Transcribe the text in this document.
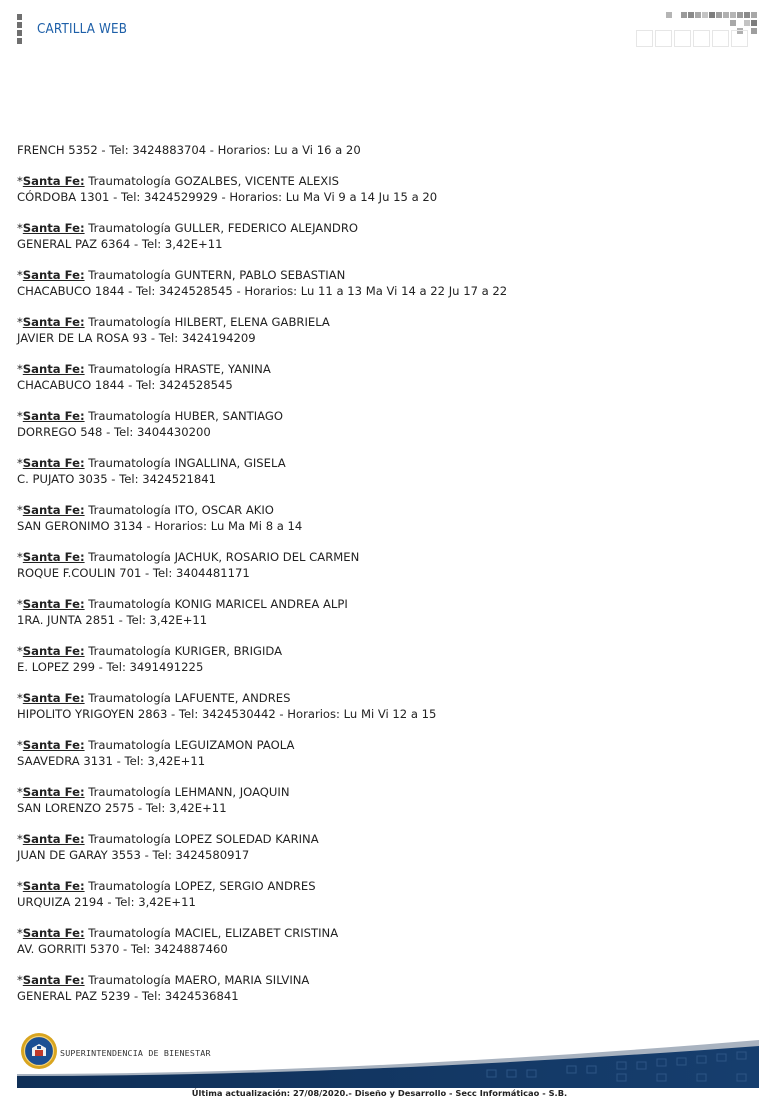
CARTILLA WEB
FRENCH 5352 - Tel: 3424883704 - Horarios: Lu a Vi 16 a 20
*Santa Fe: Traumatología GOZALBES, VICENTE ALEXIS
CÓRDOBA 1301 - Tel: 3424529929 - Horarios: Lu Ma Vi 9 a 14 Ju 15 a 20
*Santa Fe: Traumatología GULLER, FEDERICO ALEJANDRO
GENERAL PAZ 6364 - Tel: 3,42E+11
*Santa Fe: Traumatología GUNTERN, PABLO SEBASTIAN
CHACABUCO 1844 - Tel: 3424528545 - Horarios: Lu 11 a 13 Ma Vi 14 a 22 Ju 17 a 22
*Santa Fe: Traumatología HILBERT, ELENA GABRIELA
JAVIER DE LA ROSA 93 - Tel: 3424194209
*Santa Fe: Traumatología HRASTE, YANINA
CHACABUCO 1844 - Tel: 3424528545
*Santa Fe: Traumatología HUBER, SANTIAGO
DORREGO 548 - Tel: 3404430200
*Santa Fe: Traumatología INGALLINA, GISELA
C. PUJATO 3035 - Tel: 3424521841
*Santa Fe: Traumatología ITO, OSCAR AKIO
SAN GERONIMO 3134 - Horarios: Lu Ma Mi 8 a 14
*Santa Fe: Traumatología JACHUK, ROSARIO DEL CARMEN
ROQUE F.COULIN 701 - Tel: 3404481171
*Santa Fe: Traumatología KONIG MARICEL ANDREA ALPI
1RA. JUNTA 2851 - Tel: 3,42E+11
*Santa Fe: Traumatología KURIGER, BRIGIDA
E. LOPEZ 299 - Tel: 3491491225
*Santa Fe: Traumatología LAFUENTE, ANDRES
HIPOLITO YRIGOYEN 2863 - Tel: 3424530442 - Horarios: Lu Mi Vi 12 a 15
*Santa Fe: Traumatología LEGUIZAMON PAOLA
SAAVEDRA 3131 - Tel: 3,42E+11
*Santa Fe: Traumatología LEHMANN, JOAQUIN
SAN LORENZO 2575 - Tel: 3,42E+11
*Santa Fe: Traumatología LOPEZ SOLEDAD KARINA
JUAN DE GARAY 3553 - Tel: 3424580917
*Santa Fe: Traumatología LOPEZ, SERGIO ANDRES
URQUIZA 2194 - Tel: 3,42E+11
*Santa Fe: Traumatología MACIEL, ELIZABET CRISTINA
AV. GORRITI 5370 - Tel: 3424887460
*Santa Fe: Traumatología MAERO, MARIA SILVINA
GENERAL PAZ 5239 - Tel: 3424536841
SUPERINTENDENCIA DE BIENESTAR
Última actualización: 27/08/2020.- Diseño y Desarrollo - Secc Informáticao - S.B.
